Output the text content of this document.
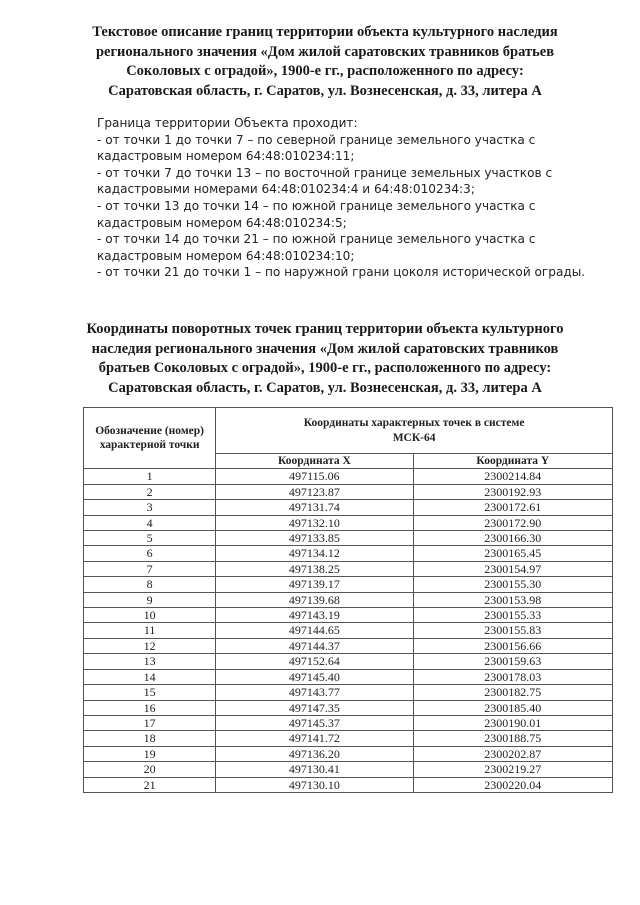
Текстовое описание границ территории объекта культурного наследия
регионального значения «Дом жилой саратовских травников братьев
Соколовых с оградой», 1900-е гг., расположенного по адресу:
Саратовская область, г. Саратов, ул. Вознесенская, д. 33, литера А
Граница территории Объекта проходит:
- от точки 1 до точки 7 – по северной границе земельного участка с
кадастровым номером 64:48:010234:11;
- от точки 7 до точки 13 – по восточной границе земельных участков с
кадастровыми номерами 64:48:010234:4 и 64:48:010234:3;
- от точки 13 до точки 14 – по южной границе земельного участка с
кадастровым номером 64:48:010234:5;
- от точки 14 до точки 21 – по южной границе земельного участка с
кадастровым номером 64:48:010234:10;
- от точки 21 до точки 1 – по наружной грани цоколя исторической ограды.
Координаты поворотных точек границ территории объекта культурного
наследия регионального значения «Дом жилой саратовских травников
братьев Соколовых с оградой», 1900-е гг., расположенного по адресу:
Саратовская область, г. Саратов, ул. Вознесенская, д. 33, литера А
Обозначение (номер)
характерной точки	Координаты характерных точек в системе
МСК-64	
	Координата X	Координата Y
1	497115.06	2300214.84
2	497123.87	2300192.93
3	497131.74	2300172.61
4	497132.10	2300172.90
5	497133.85	2300166.30
6	497134.12	2300165.45
7	497138.25	2300154.97
8	497139.17	2300155.30
9	497139.68	2300153.98
10	497143.19	2300155.33
11	497144.65	2300155.83
12	497144.37	2300156.66
13	497152.64	2300159.63
14	497145.40	2300178.03
15	497143.77	2300182.75
16	497147.35	2300185.40
17	497145.37	2300190.01
18	497141.72	2300188.75
19	497136.20	2300202.87
20	497130.41	2300219.27
21	497130.10	2300220.04
